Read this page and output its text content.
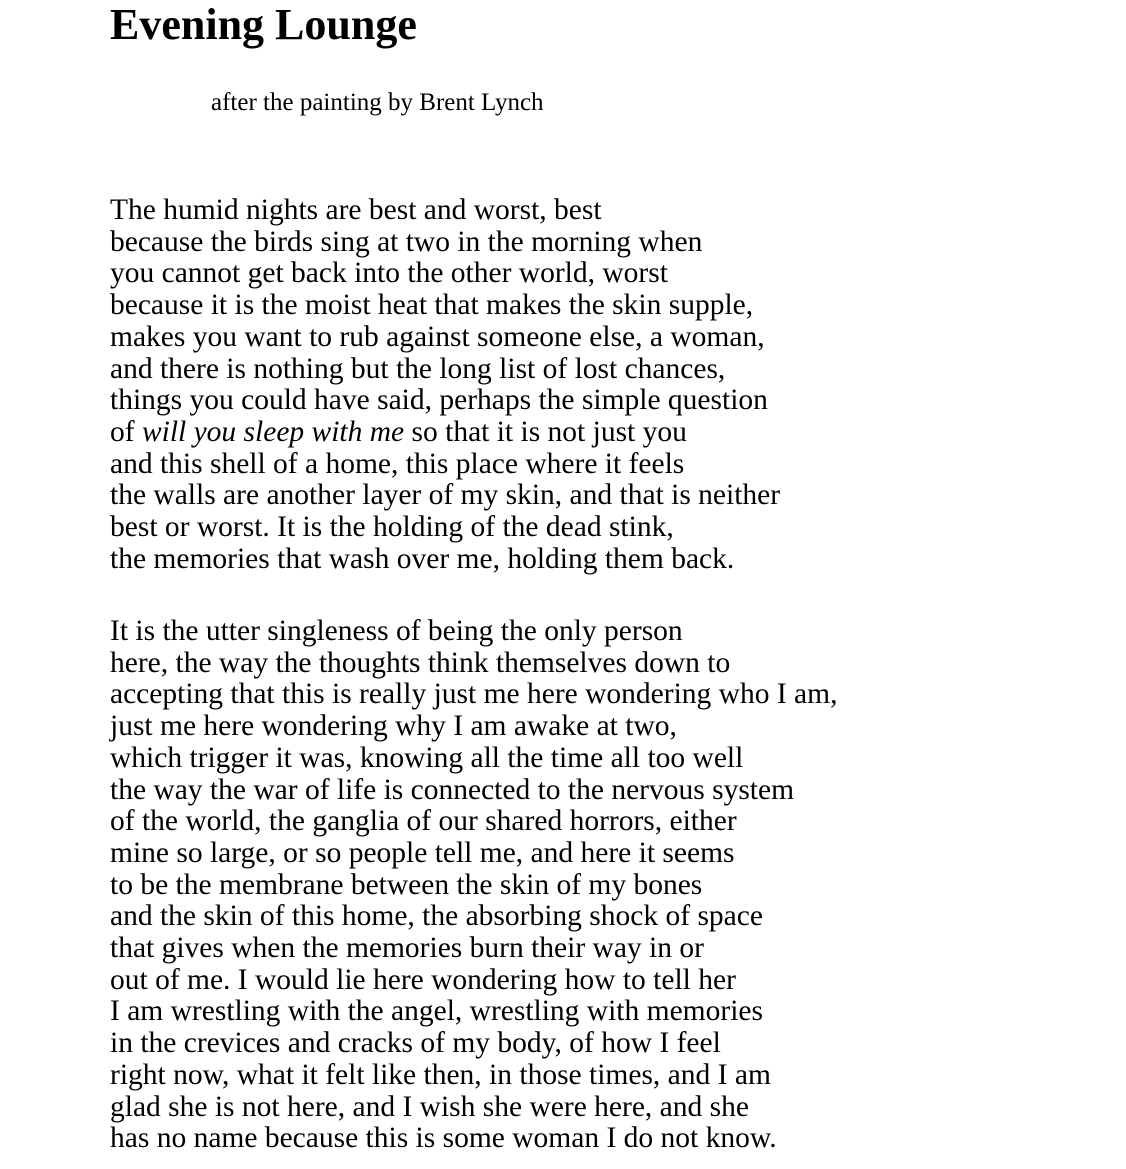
Evening Lounge

after the painting by Brent Lynch

The humid nights are best and worst, best
because the birds sing at two in the morning when
you cannot get back into the other world, worst
because it is the moist heat that makes the skin supple,
makes you want to rub against someone else, a woman,
and there is nothing but the long list of lost chances,
things you could have said, perhaps the simple question
of will you sleep with me so that it is not just you
and this shell of a home, this place where it feels
the walls are another layer of my skin, and that is neither
best or worst. It is the holding of the dead stink,
the memories that wash over me, holding them back.
It is the utter singleness of being the only person
here, the way the thoughts think themselves down to
accepting that this is really just me here wondering who I am,
just me here wondering why I am awake at two,
which trigger it was, knowing all the time all too well
the way the war of life is connected to the nervous system
of the world, the ganglia of our shared horrors, either
mine so large, or so people tell me, and here it seems
to be the membrane between the skin of my bones
and the skin of this home, the absorbing shock of space
that gives when the memories burn their way in or
out of me. I would lie here wondering how to tell her
I am wrestling with the angel, wrestling with memories
in the crevices and cracks of my body, of how I feel
right now, what it felt like then, in those times, and I am
glad she is not here, and I wish she were here, and she
has no name because this is some woman I do not know.
